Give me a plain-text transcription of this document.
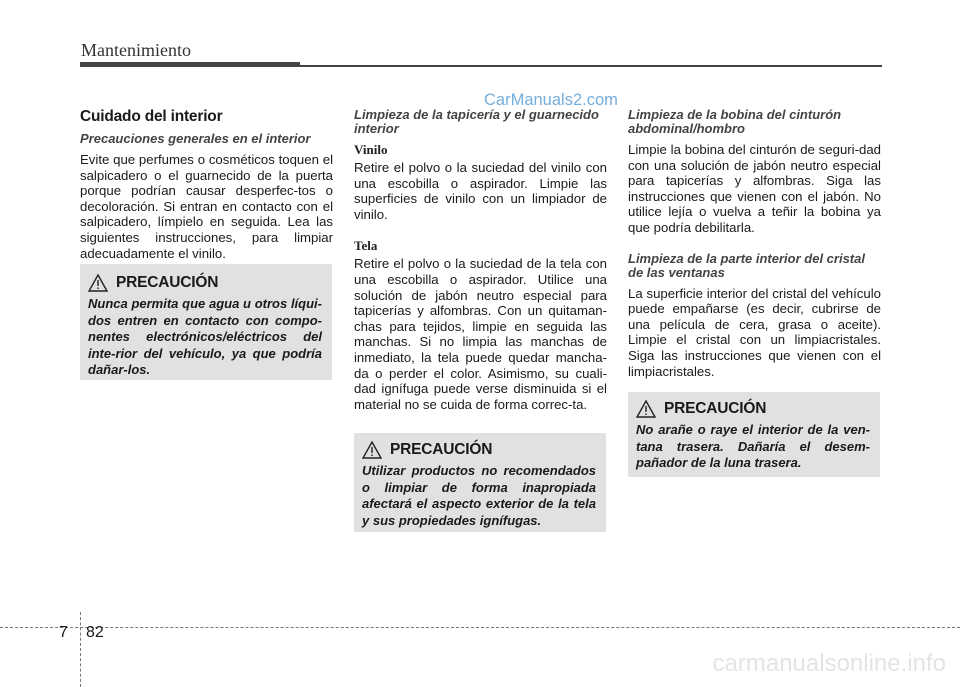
Mantenimiento
CarManuals2.com
Cuidado del interior
Precauciones generales en el interior

Evite que perfumes o cosméticos toquen el salpicadero o el guarnecido de la puerta porque podrían causar desperfec-tos o decoloración. Si entran en contacto con el salpicadero, límpielo en seguida. Lea las siguientes instrucciones, para limpiar adecuadamente el vinilo.

PRECAUCIÓN

Nunca permita que agua u otros líqui-dos entren en contacto con compo-nentes electrónicos/eléctricos del inte-rior del vehículo, ya que podría dañar-los.

Limpieza de la tapicería y el guarnecido interior
Vinilo

Retire el polvo o la suciedad del vinilo con una escobilla o aspirador. Limpie las superficies de vinilo con un limpiador de vinilo.

Tela

Retire el polvo o la suciedad de la tela con una escobilla o aspirador. Utilice una solución de jabón neutro especial para tapicerías y alfombras. Con un quitaman-chas para tejidos, limpie en seguida las manchas. Si no limpia las manchas de inmediato, la tela puede quedar mancha-da o perder el color. Asimismo, su cuali-dad ignífuga puede verse disminuida si el material no se cuida de forma correc-ta.

PRECAUCIÓN

Utilizar productos no recomendados o limpiar de forma inapropiada afectará el aspecto exterior de la tela y sus propiedades ignífugas.

Limpieza de la bobina del cinturón abdominal/hombro

Limpie la bobina del cinturón de seguri-dad con una solución de jabón neutro especial para tapicerías y alfombras. Siga las instrucciones que vienen con el jabón. No utilice lejía o vuelva a teñir la bobina ya que podría debilitarla.

Limpieza de la parte interior del cristal de las ventanas

La superficie interior del cristal del vehículo puede empañarse (es decir, cubrirse de una película de cera, grasa o aceite). Limpie el cristal con un limpiacristales. Siga las instrucciones que vienen con el limpiacristales.

PRECAUCIÓN

No arañe o raye el interior de la ven-tana trasera. Dañaría el desem-pañador de la luna trasera.

7 82
carmanualsonline.info
